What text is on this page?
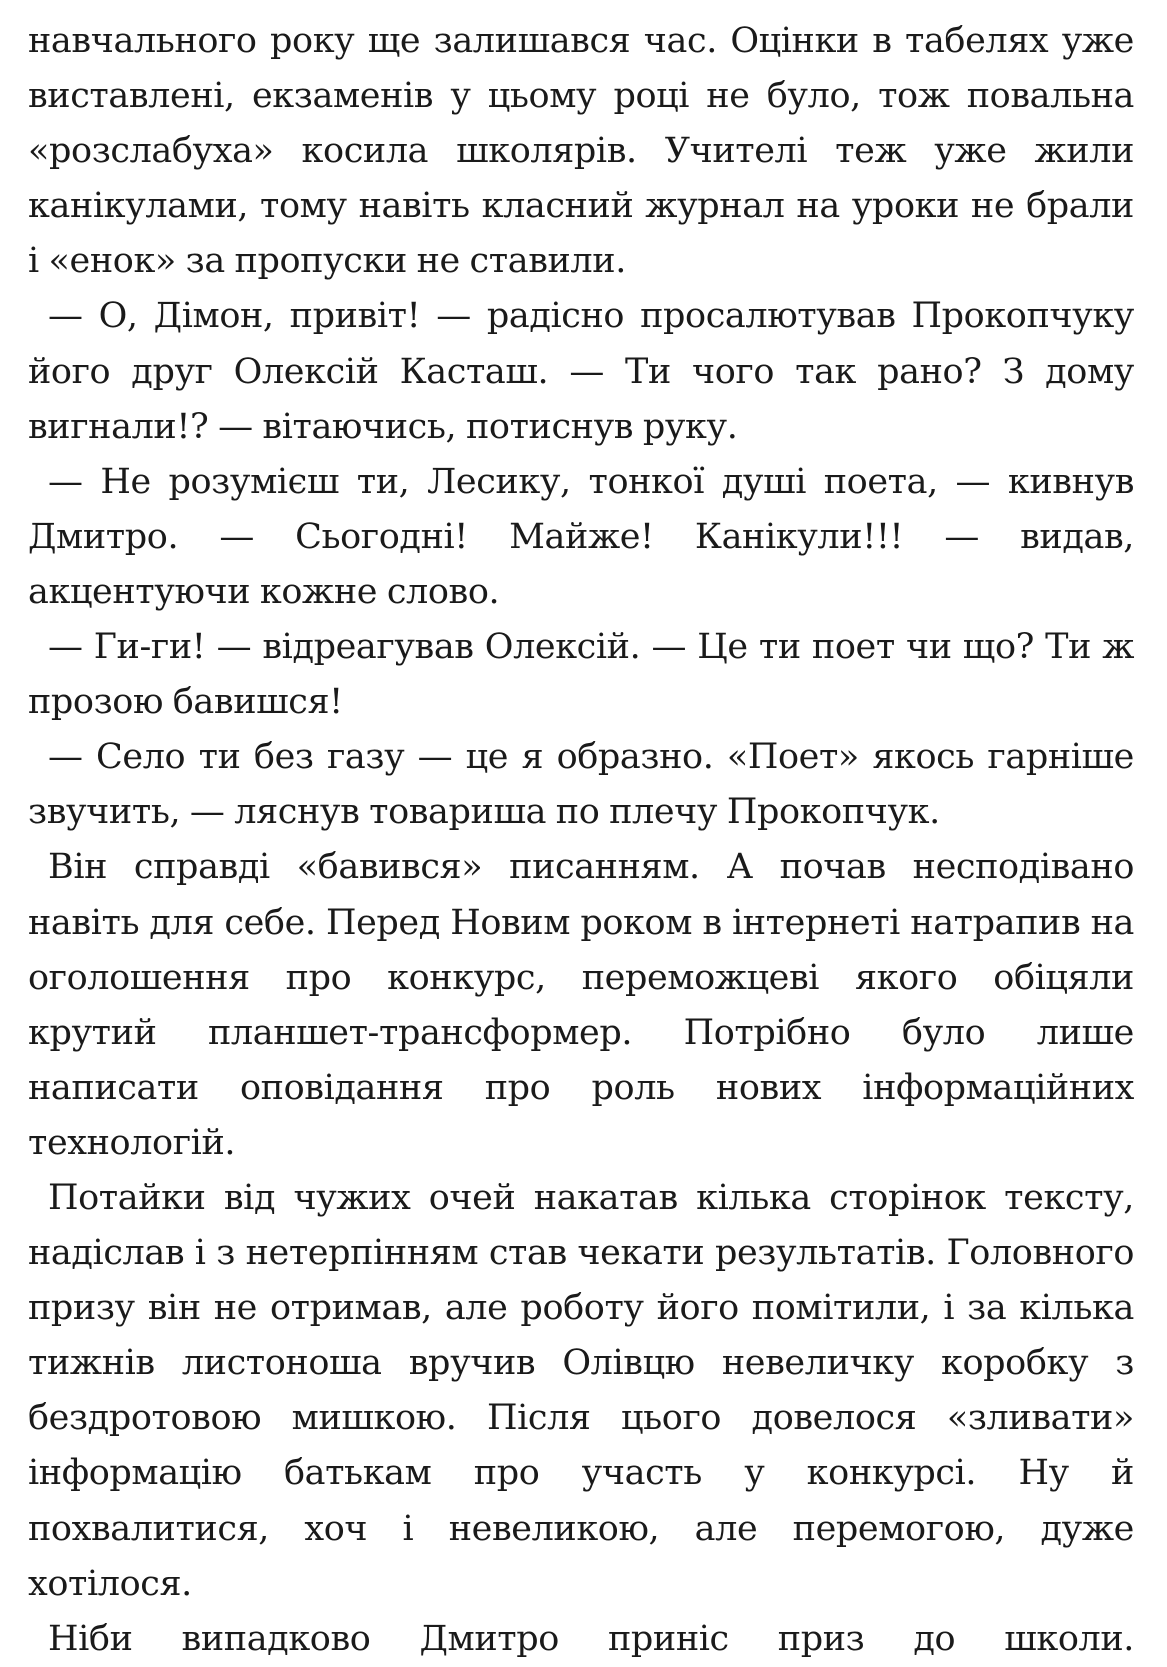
навчального року ще залишався час. Оцінки в табелях уже виставлені, екзаменів у цьому році не було, тож повальна «розслабуха» косила школярів. Учителі теж уже жили канікулами, тому навіть класний журнал на уроки не брали і «енок» за пропуски не ставили.

— О, Дімон, привіт! — радісно просалютував Прокопчуку його друг Олексій Касташ. — Ти чого так рано? З дому вигнали!? — вітаючись, потиснув руку.

— Не розумієш ти, Лесику, тонкої душі поета, — кивнув Дмитро. — Сьогодні! Майже! Канікули!!! — видав, акцентуючи кожне слово.

— Ги-ги! — відреагував Олексій. — Це ти поет чи що? Ти ж прозою бавишся!

— Село ти без газу — це я образно. «Поет» якось гарніше звучить, — ляснув товариша по плечу Прокопчук.

Він справді «бавився» писанням. А почав несподівано навіть для себе. Перед Новим роком в інтернеті натрапив на оголошення про конкурс, переможцеві якого обіцяли крутий планшет-трансформер. Потрібно було лише написати оповідання про роль нових інформаційних технологій.

Потайки від чужих очей накатав кілька сторінок тексту, надіслав і з нетерпінням став чекати результатів. Головного призу він не отримав, але роботу його помітили, і за кілька тижнів листоноша вручив Олівцю невеличку коробку з бездротовою мишкою. Після цього довелося «зливати» інформацію батькам про участь у конкурсі. Ну й похвалитися, хоч і невеликою, але перемогою, дуже хотілося.

Ніби випадково Дмитро приніс приз до школи.
